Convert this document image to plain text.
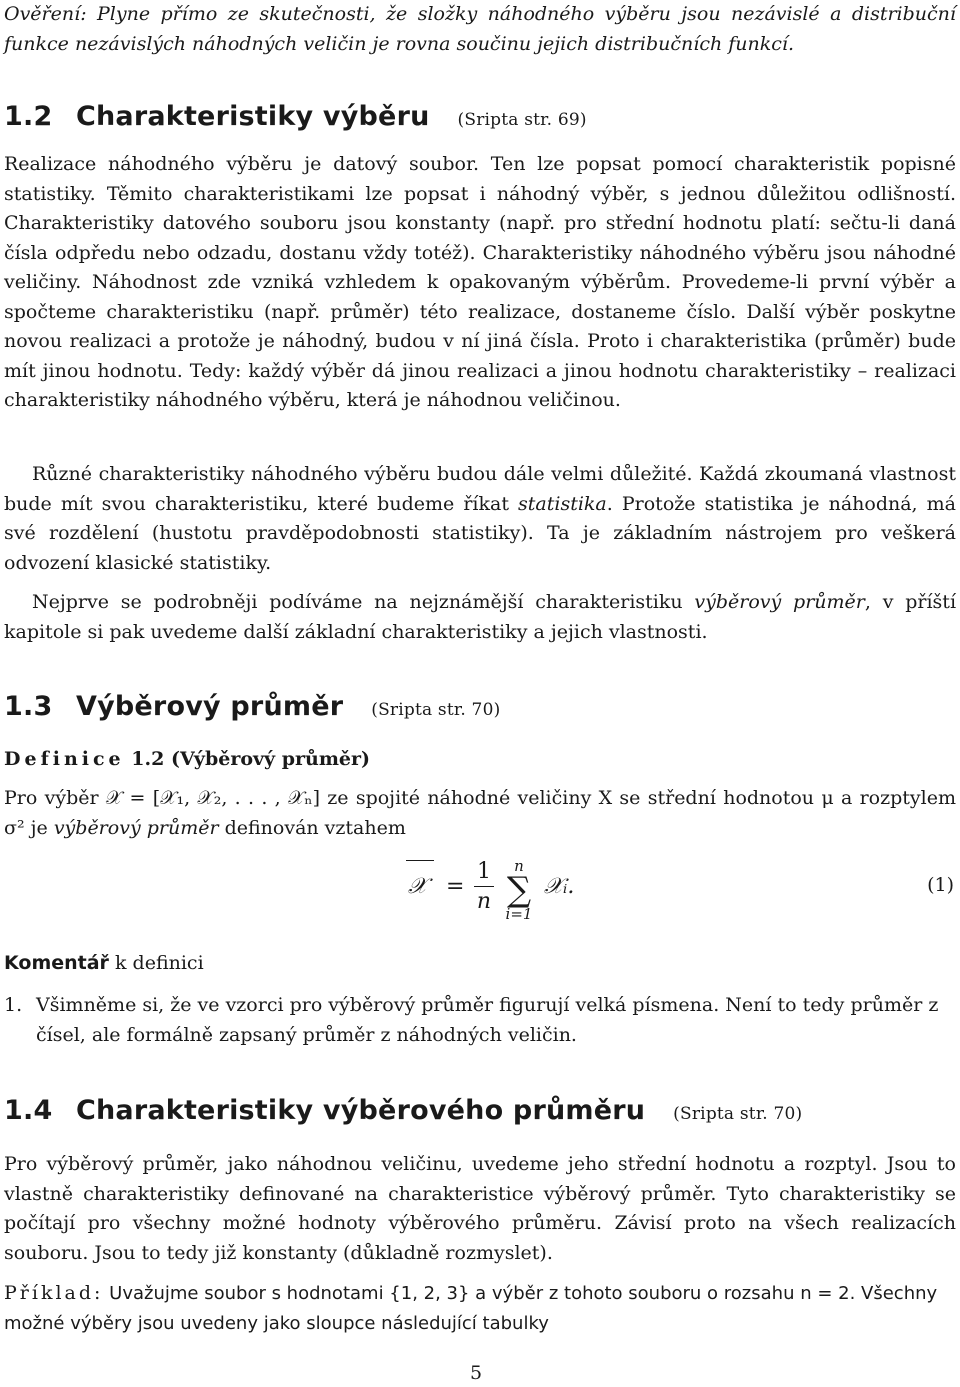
Ověření: Plyne přímo ze skutečnosti, že složky náhodného výběru jsou nezávislé a distribuční funkce nezávislých náhodných veličin je rovna součinu jejich distribučních funkcí.

1.2 Charakteristiky výběru (Sripta str. 69)

Realizace náhodného výběru je datový soubor. Ten lze popsat pomocí charakteristik popisné statistiky. Těmito charakteristikami lze popsat i náhodný výběr, s jednou důležitou odlišností. Charakteristiky datového souboru jsou konstanty (např. pro střední hodnotu platí: sečtu-li daná čísla odpředu nebo odzadu, dostanu vždy totéž). Charakteristiky náhodného výběru jsou náhodné veličiny. Náhodnost zde vzniká vzhledem k opakovaným výběrům. Provedeme-li první výběr a spočteme charakteristiku (např. průměr) této realizace, dostaneme číslo. Další výběr poskytne novou realizaci a protože je náhodný, budou v ní jiná čísla. Proto i charakteristika (průměr) bude mít jinou hodnotu. Tedy: každý výběr dá jinou realizaci a jinou hodnotu charakteristiky – realizaci charakteristiky náhodného výběru, která je náhodnou veličinou.

Různé charakteristiky náhodného výběru budou dále velmi důležité. Každá zkoumaná vlastnost bude mít svou charakteristiku, které budeme říkat statistika. Protože statistika je náhodná, má své rozdělení (hustotu pravděpodobnosti statistiky). Ta je základním nástrojem pro veškerá odvození klasické statistiky.

Nejprve se podrobněji podíváme na nejznámější charakteristiku výběrový průměr, v příští kapitole si pak uvedeme další základní charakteristiky a jejich vlastnosti.

1.3 Výběrový průměr (Sripta str. 70)
Definice 1.2 (Výběrový průměr)

Pro výběr 𝒳 = [𝒳₁, 𝒳₂, . . . , 𝒳ₙ] ze spojité náhodné veličiny X se střední hodnotou μ a rozptylem σ² je výběrový průměr definován vztahem

𝒳 =
1
n
n
∑
i=1
𝒳ᵢ.	(1)
Komentář k definici

1. Všimněme si, že ve vzorci pro výběrový průměr figurují velká písmena. Není to tedy průměr z čísel, ale formálně zapsaný průměr z náhodných veličin.

1.4 Charakteristiky výběrového průměru (Sripta str. 70)

Pro výběrový průměr, jako náhodnou veličinu, uvedeme jeho střední hodnotu a rozptyl. Jsou to vlastně charakteristiky definované na charakteristice výběrový průměr. Tyto charakteristiky se počítají pro všechny možné hodnoty výběrového průměru. Závisí proto na všech realizacích souboru. Jsou to tedy již konstanty (důkladně rozmyslet).

Příklad: Uvažujme soubor s hodnotami {1, 2, 3} a výběr z tohoto souboru o rozsahu n = 2. Všechny možné výběry jsou uvedeny jako sloupce následující tabulky

5
